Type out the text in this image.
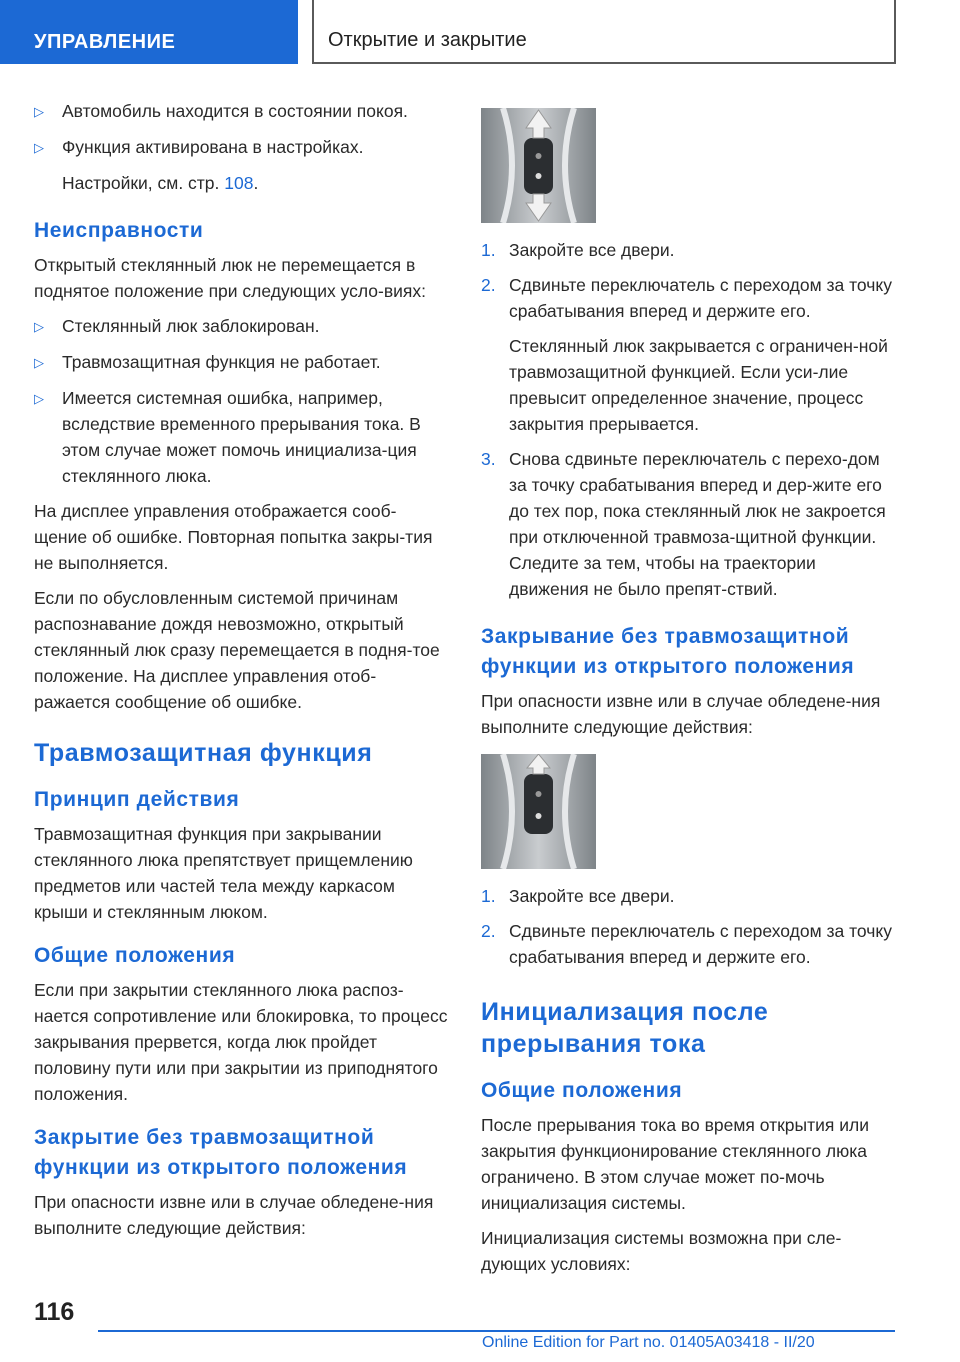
УПРАВЛЕНИЕ	Открытие и закрытие
▷	Автомобиль находится в состоянии покоя.
▷	Функция активирована в настройках.
Настройки, см. стр. 108.
Неисправности
Открытый стеклянный люк не перемещается в поднятое положение при следующих усло-виях:
▷	Стеклянный люк заблокирован.
▷	Травмозащитная функция не работает.
▷	Имеется системная ошибка, например, вследствие временного прерывания тока. В этом случае может помочь инициализа-ция стеклянного люка.
На дисплее управления отображается сооб-щение об ошибке. Повторная попытка закры-тия не выполняется.
Если по обусловленным системой причинам распознавание дождя невозможно, открытый стеклянный люк сразу перемещается в подня-тое положение. На дисплее управления отоб-ражается сообщение об ошибке.
Травмозащитная функция
Принцип действия
Травмозащитная функция при закрывании стеклянного люка препятствует прищемлению предметов или частей тела между каркасом крыши и стеклянным люком.
Общие положения
Если при закрытии стеклянного люка распоз-нается сопротивление или блокировка, то процесс закрывания прервется, когда люк пройдет половину пути или при закрытии из приподнятого положения.
Закрытие без травмозащитной функции из открытого положения
При опасности извне или в случае обледене-ния выполните следующие действия:
1. Закройте все двери.
2. Сдвиньте переключатель с переходом за точку срабатывания вперед и держите его.
Стеклянный люк закрывается с ограничен-ной травмозащитной функцией. Если уси-лие превысит определенное значение, процесс закрытия прерывается.
3. Снова сдвиньте переключатель с перехо-дом за точку срабатывания вперед и дер-жите его до тех пор, пока стеклянный люк не закроется при отключенной травмоза-щитной функции. Следите за тем, чтобы на траектории движения не было препят-ствий.
Закрывание без травмозащитной функции из открытого положения
При опасности извне или в случае обледене-ния выполните следующие действия:
1. Закройте все двери.
2. Сдвиньте переключатель с переходом за точку срабатывания вперед и держите его.
Инициализация после прерывания тока
Общие положения
После прерывания тока во время открытия или закрытия функционирование стеклянного люка ограничено. В этом случае может по-мочь инициализация системы.
Инициализация системы возможна при сле-дующих условиях:
116
Online Edition for Part no. 01405A03418 - II/20
